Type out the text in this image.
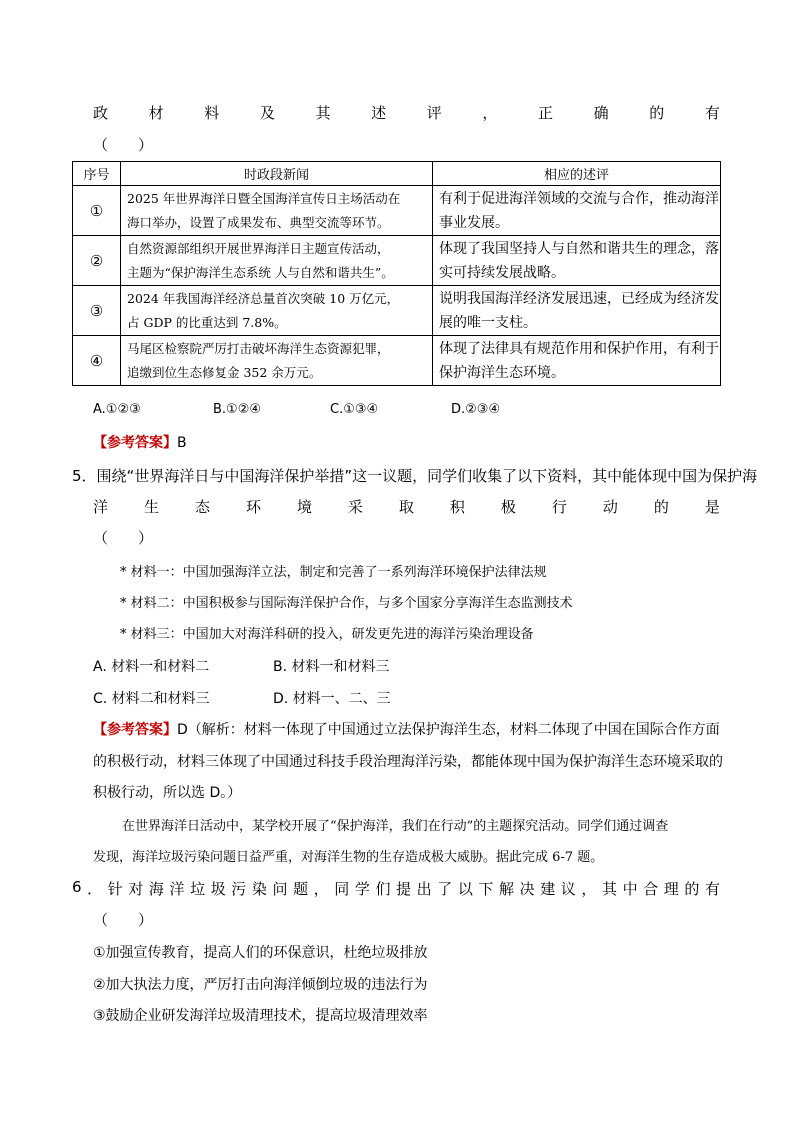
政	材	料	及	其	述	评	，	正	确	的	有
（　　）
序号	时政段新闻	相应的述评
①	2025 年世界海洋日暨全国海洋宣传日主场活动在
海口举办，设置了成果发布、典型交流等环节。	有利于促进海洋领域的交流与合作，推动海洋
事业发展。

②	自然资源部组织开展世界海洋日主题宣传活动，
主题为“保护海洋生态系统 人与自然和谐共生”。	体现了我国坚持人与自然和谐共生的理念，落
实可持续发展战略。

③	2024 年我国海洋经济总量首次突破 10 万亿元，
占 GDP 的比重达到 7.8%。	说明我国海洋经济发展迅速，已经成为经济发
展的唯一支柱。

④	马尾区检察院严厉打击破坏海洋生态资源犯罪，
追缴到位生态修复金 352 余万元。	体现了法律具有规范作用和保护作用，有利于
保护海洋生态环境。
A.①②③	B.①②④	C.①③④	D.②③④
【参考答案】B
5．围绕“世界海洋日与中国海洋保护举措”这一议题，同学们收集了以下资料，其中能体现中国为保护海
洋 生 态 环 境 采 取 积 极 行 动 的 是
（　　）
* 材料一：中国加强海洋立法，制定和完善了一系列海洋环境保护法律法规
* 材料二：中国积极参与国际海洋保护合作，与多个国家分享海洋生态监测技术
* 材料三：中国加大对海洋科研的投入，研发更先进的海洋污染治理设备
A. 材料一和材料二	B. 材料一和材料三
C. 材料二和材料三	D. 材料一、二、三
【参考答案】D（解析：材料一体现了中国通过立法保护海洋生态，材料二体现了中国在国际合作方面
的积极行动，材料三体现了中国通过科技手段治理海洋污染，都能体现中国为保护海洋生态环境采取的
积极行动，所以选 D。）
在世界海洋日活动中，某学校开展了“保护海洋，我们在行动”的主题探究活动。同学们通过调查
发现，海洋垃圾污染问题日益严重，对海洋生物的生存造成极大威胁。据此完成 6-7 题。
6 ． 针 对 海 洋 垃 圾 污 染 问 题 ， 同 学 们 提 出 了 以 下 解 决 建 议 ， 其 中 合 理 的 有
（　　）
①加强宣传教育，提高人们的环保意识，杜绝垃圾排放
②加大执法力度，严厉打击向海洋倾倒垃圾的违法行为
③鼓励企业研发海洋垃圾清理技术，提高垃圾清理效率
